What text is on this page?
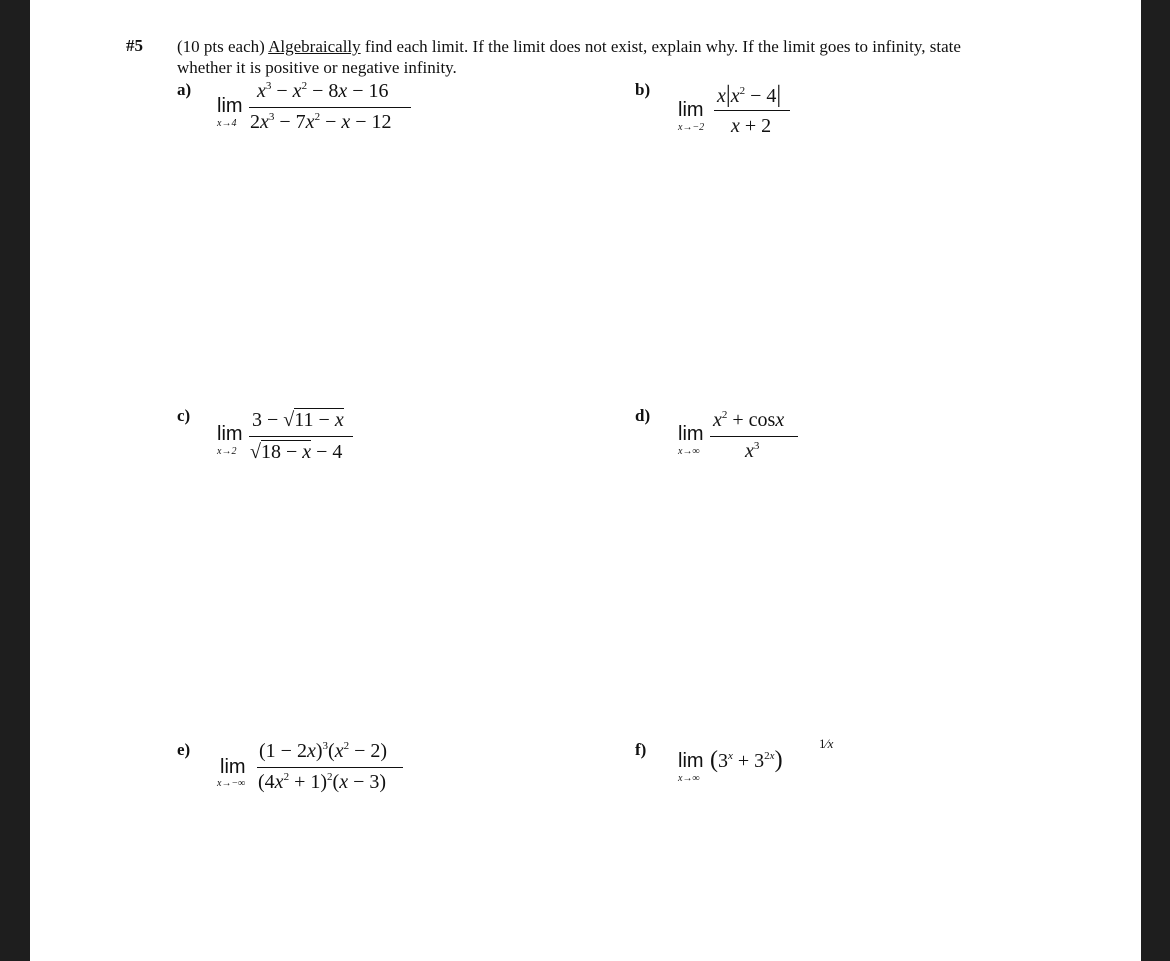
#5 (10 pts each) Algebraically find each limit. If the limit does not exist, explain why. If the limit goes to infinity, state
whether it is positive or negative infinity.
a)
lim
x→4
$x^3 - x^2 - 8x - 16$
$2x^3 - 7x^2 - x - 12$
b)
lim
x→−2
$x|x^2 - 4|$
x + 2
c)
lim
x→2
3 − √11 − x
√18 − x − 4
d)
lim
x→∞
$x^2 + \cos x$
$x^3$
e)
lim
x→−∞
$(1 - 2x)^3(x^2 - 2)$
$(4x^2 + 1)^2(x - 3)$
f)
lim
x→∞
$(3^x + 3^{2x})$
1⁄x
